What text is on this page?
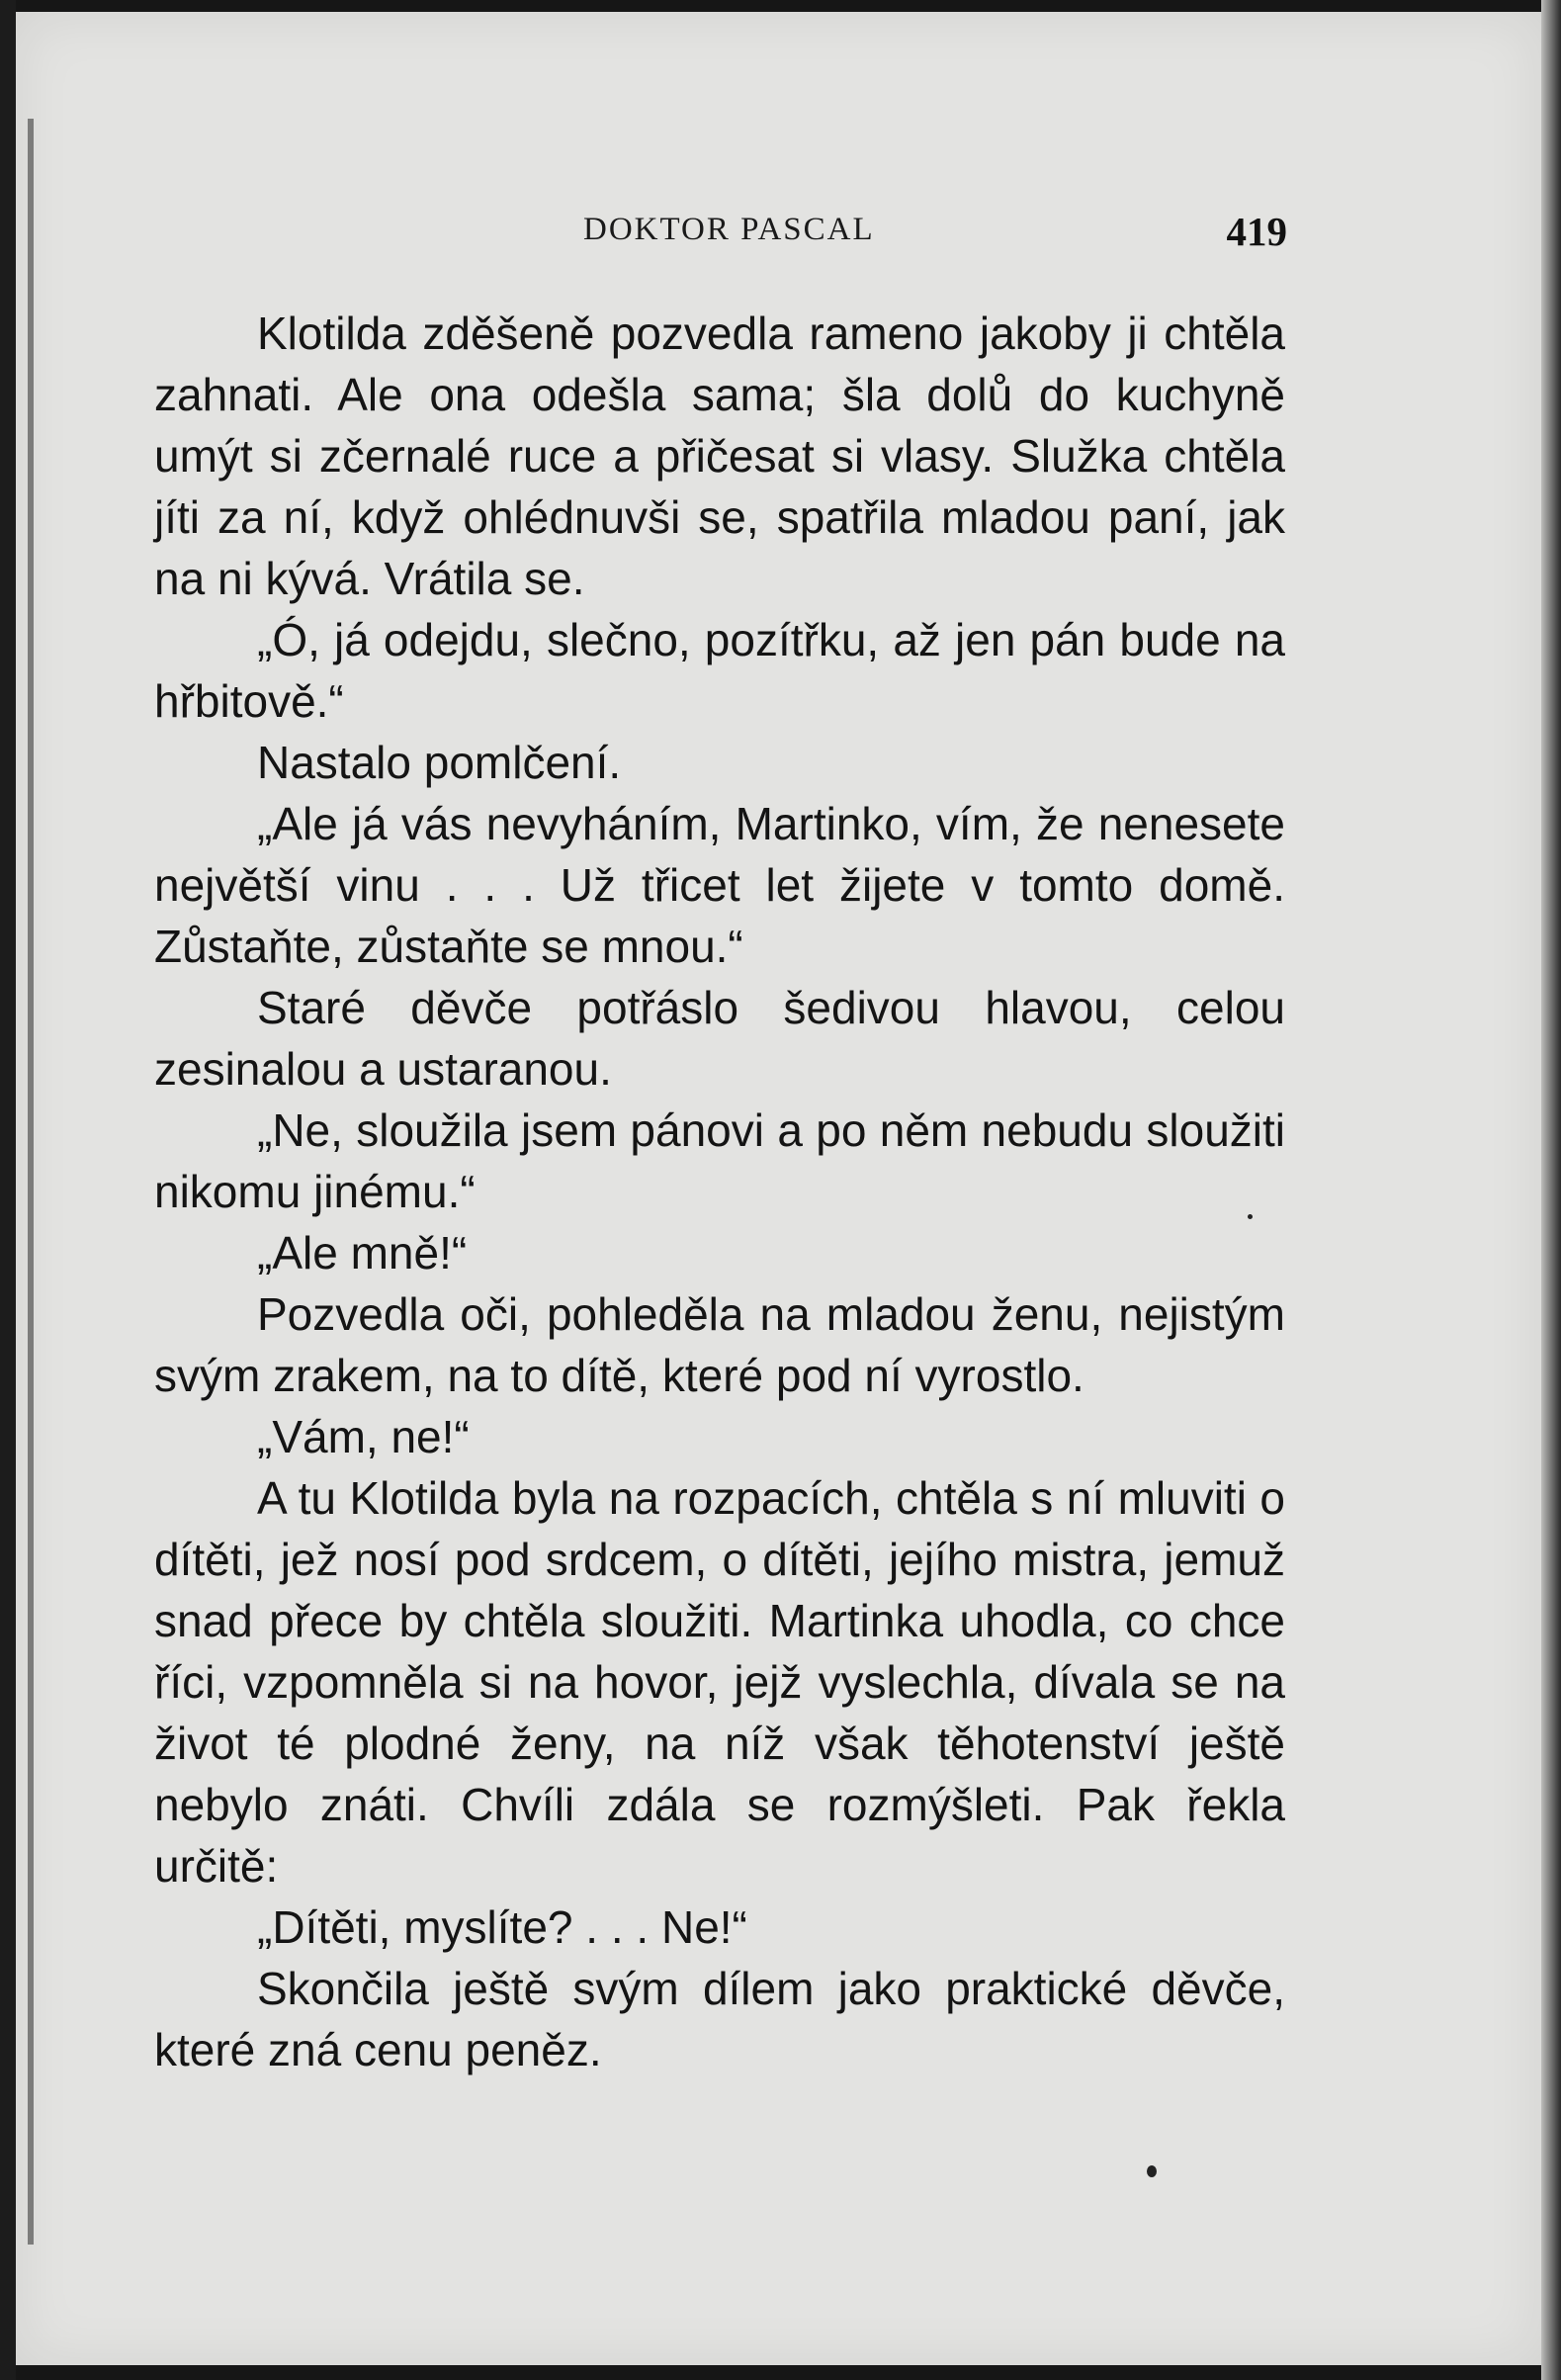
DOKTOR PASCAL	419

Klotilda zděšeně pozvedla rameno jakoby ji chtěla zahnati. Ale ona odešla sama; šla dolů do kuchyně umýt si zčernalé ruce a přičesat si vlasy. Služka chtěla jíti za ní, když ohlédnuvši se, spatřila mladou paní, jak na ni kývá. Vrátila se.

„Ó, já odejdu, slečno, pozítřku, až jen pán bude na hřbitově.“

Nastalo pomlčení.

„Ale já vás nevyháním, Martinko, vím, že nenesete největší vinu . . . Už třicet let žijete v tomto domě. Zůstaňte, zůstaňte se mnou.“

Staré děvče potřáslo šedivou hlavou, celou zesinalou a ustaranou.

„Ne, sloužila jsem pánovi a po něm nebudu sloužiti nikomu jinému.“

„Ale mně!“

Pozvedla oči, pohleděla na mladou ženu, nejistým svým zrakem, na to dítě, které pod ní vyrostlo.

„Vám, ne!“

A tu Klotilda byla na rozpacích, chtěla s ní mluviti o dítěti, jež nosí pod srdcem, o dítěti, jejího mistra, jemuž snad přece by chtěla sloužiti. Martinka uhodla, co chce říci, vzpomněla si na hovor, jejž vyslechla, dívala se na život té plodné ženy, na níž však těhotenství ještě nebylo znáti. Chvíli zdála se rozmýšleti. Pak řekla určitě:

„Dítěti, myslíte? . . . Ne!“

Skončila ještě svým dílem jako praktické děvče, které zná cenu peněz.
